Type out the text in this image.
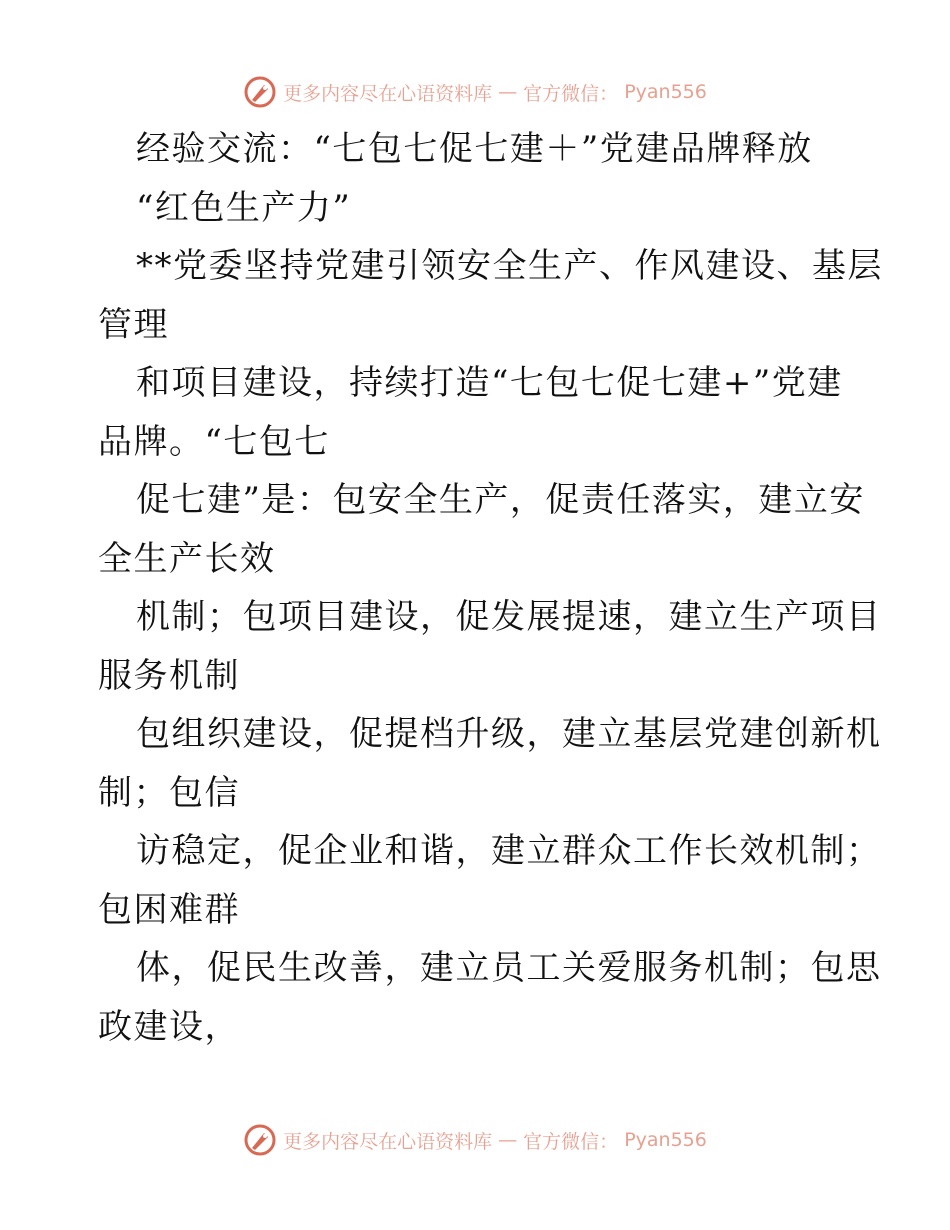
更多内容尽在心语资料库 — 官方微信： Pyan556
经验交流：“七包七促七建＋”党建品牌释放
“红色生产力”
**党委坚持党建引领安全生产、作风建设、基层
管理
和项目建设，持续打造“七包七促七建+”党建
品牌。“七包七
促七建”是：包安全生产，促责任落实，建立安
全生产长效
机制；包项目建设，促发展提速，建立生产项目
服务机制
包组织建设，促提档升级，建立基层党建创新机
制；包信
访稳定，促企业和谐，建立群众工作长效机制；
包困难群
体，促民生改善，建立员工关爱服务机制；包思
政建设，
更多内容尽在心语资料库 — 官方微信： Pyan556
